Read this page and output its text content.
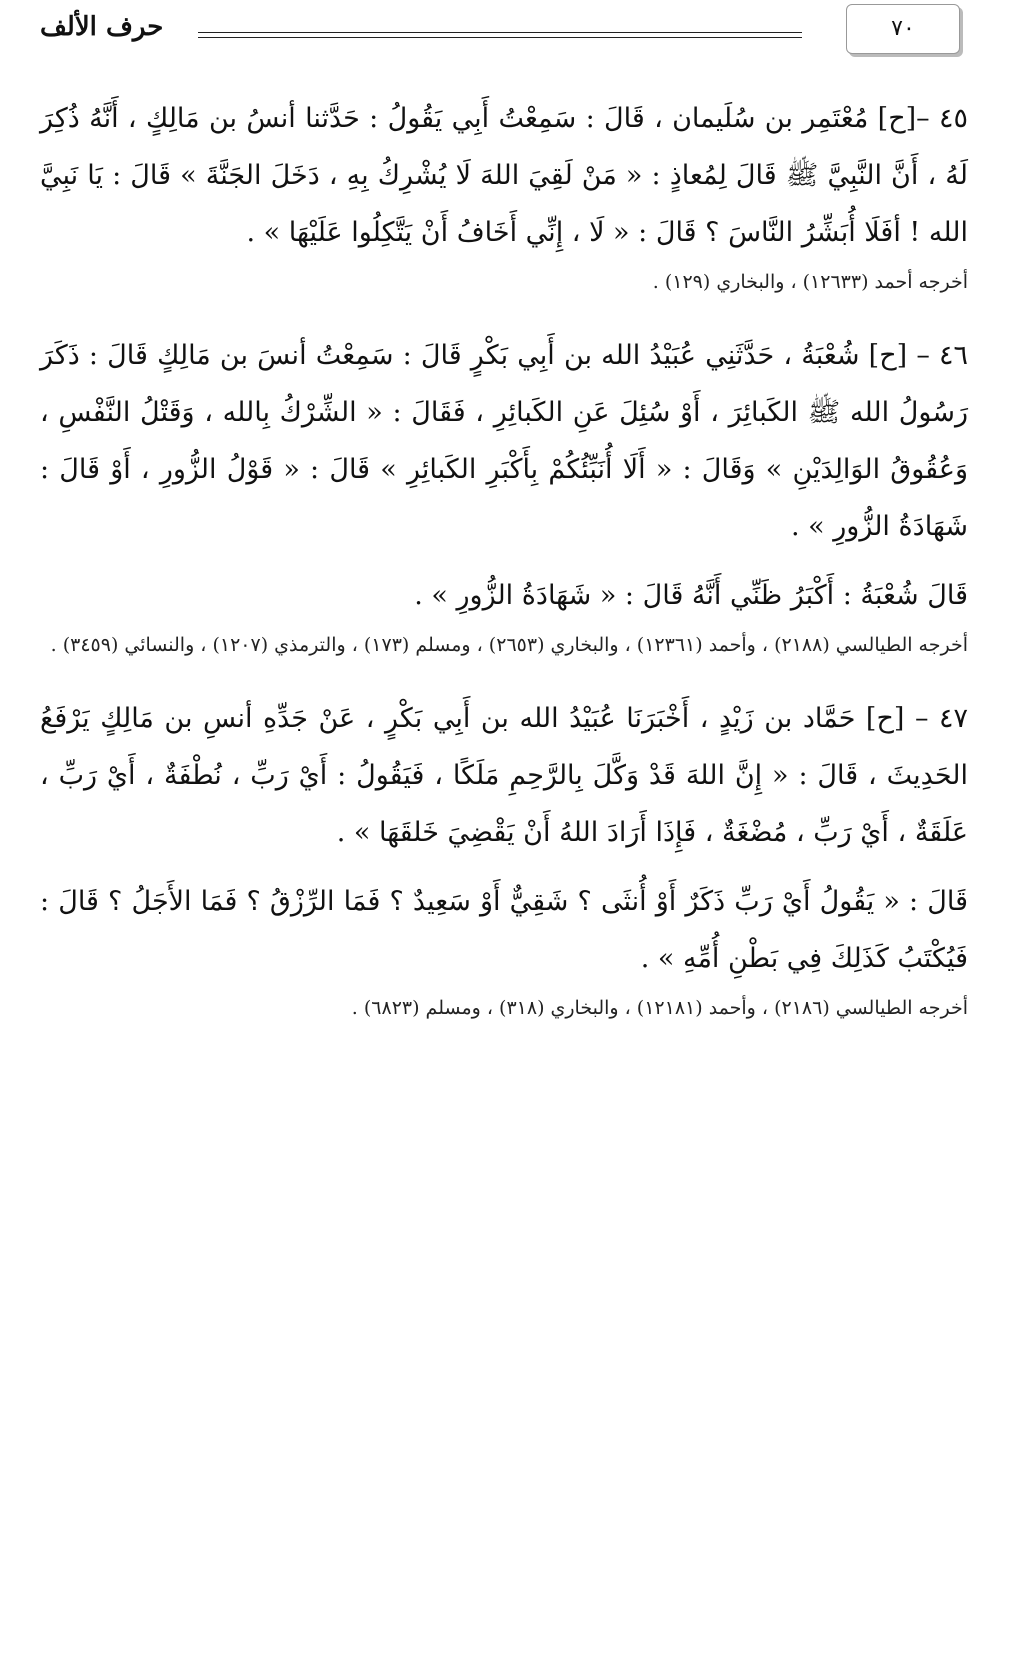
٧٠
حرف الألف

٤٥ –[ح] مُعْتَمِر بن سُلَيمان ، قَالَ : سَمِعْتُ أَبِي يَقُولُ : حَدَّثنا أنسُ بن مَالِكٍ ، أَنَّهُ ذُكِرَ لَهُ ، أَنَّ النَّبِيَّ ﷺ قَالَ لِمُعاذٍ : « مَنْ لَقِيَ اللهَ لَا يُشْرِكُ بِهِ ، دَخَلَ الجَنَّةَ » قَالَ : يَا نَبِيَّ الله ! أفَلَا أُبَشِّرُ النَّاسَ ؟ قَالَ : « لَا ، إِنِّي أَخَافُ أَنْ يَتَّكِلُوا عَلَيْهَا » .

أخرجه أحمد (١٢٦٣٣) ، والبخاري (١٢٩) .

٤٦ – [ح] شُعْبَةُ ، حَدَّثَنِي عُبَيْدُ الله بن أَبِي بَكْرٍ قَالَ : سَمِعْتُ أنسَ بن مَالِكٍ قَالَ : ذَكَرَ رَسُولُ الله ﷺ الكَبائِرَ ، أَوْ سُئِلَ عَنِ الكَبائِرِ ، فَقَالَ : « الشِّرْكُ بِالله ، وَقَتْلُ النَّفْسِ ، وَعُقُوقُ الوَالِدَيْنِ » وَقَالَ : « أَلَا أُنَبِّئُكُمْ بِأَكْبَرِ الكَبائِرِ » قَالَ : « قَوْلُ الزُّورِ ، أَوْ قَالَ : شَهَادَةُ الزُّورِ » .

قَالَ شُعْبَةُ : أَكْبَرُ ظَنِّي أَنَّهُ قَالَ : « شَهَادَةُ الزُّورِ » .

أخرجه الطيالسي (٢١٨٨) ، وأحمد (١٢٣٦١) ، والبخاري (٢٦٥٣) ، ومسلم (١٧٣) ، والترمذي (١٢٠٧) ، والنسائي (٣٤٥٩) .

٤٧ – [ح] حَمَّاد بن زَيْدٍ ، أَخْبَرَنَا عُبَيْدُ الله بن أَبِي بَكْرٍ ، عَنْ جَدِّهِ أنسِ بن مَالِكٍ يَرْفَعُ الحَدِيثَ ، قَالَ : « إِنَّ اللهَ قَدْ وَكَّلَ بِالرَّحِمِ مَلَكًا ، فَيَقُولُ : أَيْ رَبِّ ، نُطْفَةٌ ، أَيْ رَبِّ ، عَلَقَةٌ ، أَيْ رَبِّ ، مُضْغَةٌ ، فَإِذَا أَرَادَ اللهُ أَنْ يَقْضِيَ خَلقَهَا » .

قَالَ : « يَقُولُ أَيْ رَبِّ ذَكَرٌ أَوْ أُنثَى ؟ شَقِيٌّ أَوْ سَعِيدٌ ؟ فَمَا الرِّزْقُ ؟ فَمَا الأَجَلُ ؟ قَالَ : فَيُكْتَبُ كَذَلِكَ فِي بَطْنِ أُمِّهِ » .

أخرجه الطيالسي (٢١٨٦) ، وأحمد (١٢١٨١) ، والبخاري (٣١٨) ، ومسلم (٦٨٢٣) .
